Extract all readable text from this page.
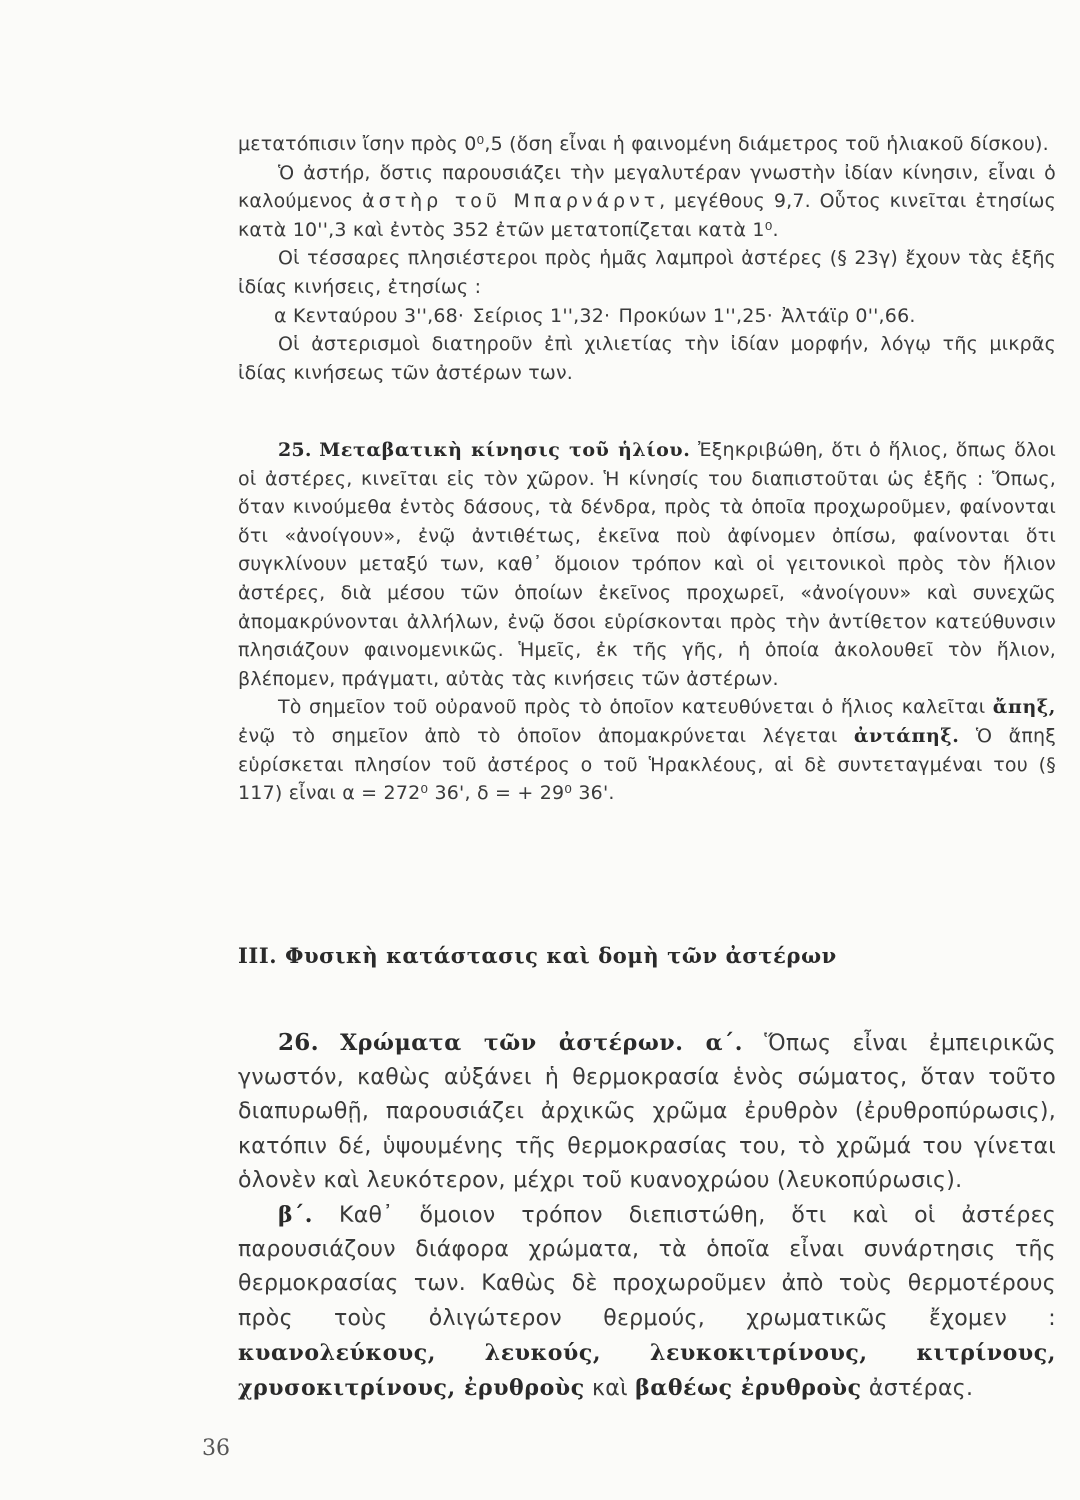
μετατόπισιν ἴσην πρὸς 0⁰,5 (ὅση εἶναι ἡ φαινομένη διάμετρος τοῦ ἡλιακοῦ δίσκου).

Ὁ ἀστήρ, ὅστις παρουσιάζει τὴν μεγαλυτέραν γνωστὴν ἰδίαν κίνησιν, εἶναι ὁ καλούμενος ἀστὴρ τοῦ Μπαρνάρντ, μεγέθους 9,7. Οὗτος κινεῖται ἐτησίως κατὰ 10'',3 καὶ ἐντὸς 352 ἐτῶν μετατοπίζεται κατὰ 1⁰.

Οἱ τέσσαρες πλησιέστεροι πρὸς ἡμᾶς λαμπροὶ ἀστέρες (§ 23γ) ἔχουν τὰς ἑξῆς ἰδίας κινήσεις, ἐτησίως :

α Κενταύρου 3'',68· Σείριος 1'',32· Προκύων 1'',25· Ἀλτάϊρ 0'',66.

Οἱ ἀστερισμοὶ διατηροῦν ἐπὶ χιλιετίας τὴν ἰδίαν μορφήν, λόγῳ τῆς μικρᾶς ἰδίας κινήσεως τῶν ἀστέρων των.

25. Μεταβατικὴ κίνησις τοῦ ἡλίου. Ἐξηκριβώθη, ὅτι ὁ ἥλιος, ὅπως ὅλοι οἱ ἀστέρες, κινεῖται εἰς τὸν χῶρον. Ἡ κίνησίς του διαπιστοῦται ὡς ἑξῆς : Ὅπως, ὅταν κινούμεθα ἐντὸς δάσους, τὰ δένδρα, πρὸς τὰ ὁποῖα προχωροῦμεν, φαίνονται ὅτι «ἀνοίγουν», ἐνῷ ἀντιθέτως, ἐκεῖνα ποὺ ἀφίνομεν ὀπίσω, φαίνονται ὅτι συγκλίνουν μεταξύ των, καθ᾽ ὅμοιον τρόπον καὶ οἱ γειτονικοὶ πρὸς τὸν ἥλιον ἀστέρες, διὰ μέσου τῶν ὁποίων ἐκεῖνος προχωρεῖ, «ἀνοίγουν» καὶ συνεχῶς ἀπομακρύνονται ἀλλήλων, ἐνῷ ὅσοι εὑρίσκονται πρὸς τὴν ἀντίθετον κατεύθυνσιν πλησιάζουν φαινομενικῶς. Ἡμεῖς, ἐκ τῆς γῆς, ἡ ὁποία ἀκολουθεῖ τὸν ἥλιον, βλέπομεν, πράγματι, αὐτὰς τὰς κινήσεις τῶν ἀστέρων.

Τὸ σημεῖον τοῦ οὐρανοῦ πρὸς τὸ ὁποῖον κατευθύνεται ὁ ἥλιος καλεῖται ἄπηξ, ἐνῷ τὸ σημεῖον ἀπὸ τὸ ὁποῖον ἀπομακρύνεται λέγεται ἀντάπηξ. Ὁ ἄπηξ εὑρίσκεται πλησίον τοῦ ἀστέρος ο τοῦ Ἡρακλέους, αἱ δὲ συντεταγμέναι του (§ 117) εἶναι α = 272⁰ 36', δ = + 29⁰ 36'.

III. Φυσικὴ κατάστασις καὶ δομὴ τῶν ἀστέρων

26. Χρώματα τῶν ἀστέρων. α΄. Ὅπως εἶναι ἐμπειρικῶς γνωστόν, καθὼς αὐξάνει ἡ θερμοκρασία ἑνὸς σώματος, ὅταν τοῦτο διαπυρωθῇ, παρουσιάζει ἀρχικῶς χρῶμα ἐρυθρὸν (ἐρυθροπύρωσις), κατόπιν δέ, ὑψουμένης τῆς θερμοκρασίας του, τὸ χρῶμά του γίνεται ὁλονὲν καὶ λευκότερον, μέχρι τοῦ κυανοχρώου (λευκοπύρωσις).

β΄. Καθ᾽ ὅμοιον τρόπον διεπιστώθη, ὅτι καὶ οἱ ἀστέρες παρουσιάζουν διάφορα χρώματα, τὰ ὁποῖα εἶναι συνάρτησις τῆς θερμοκρασίας των. Καθὼς δὲ προχωροῦμεν ἀπὸ τοὺς θερμοτέρους πρὸς τοὺς ὀλιγώτερον θερμούς, χρωματικῶς ἔχομεν : κυανολεύκους, λευκούς, λευκοκιτρίνους, κιτρίνους, χρυσοκιτρίνους, ἐρυθροὺς καὶ βαθέως ἐρυθροὺς ἀστέρας.

36
